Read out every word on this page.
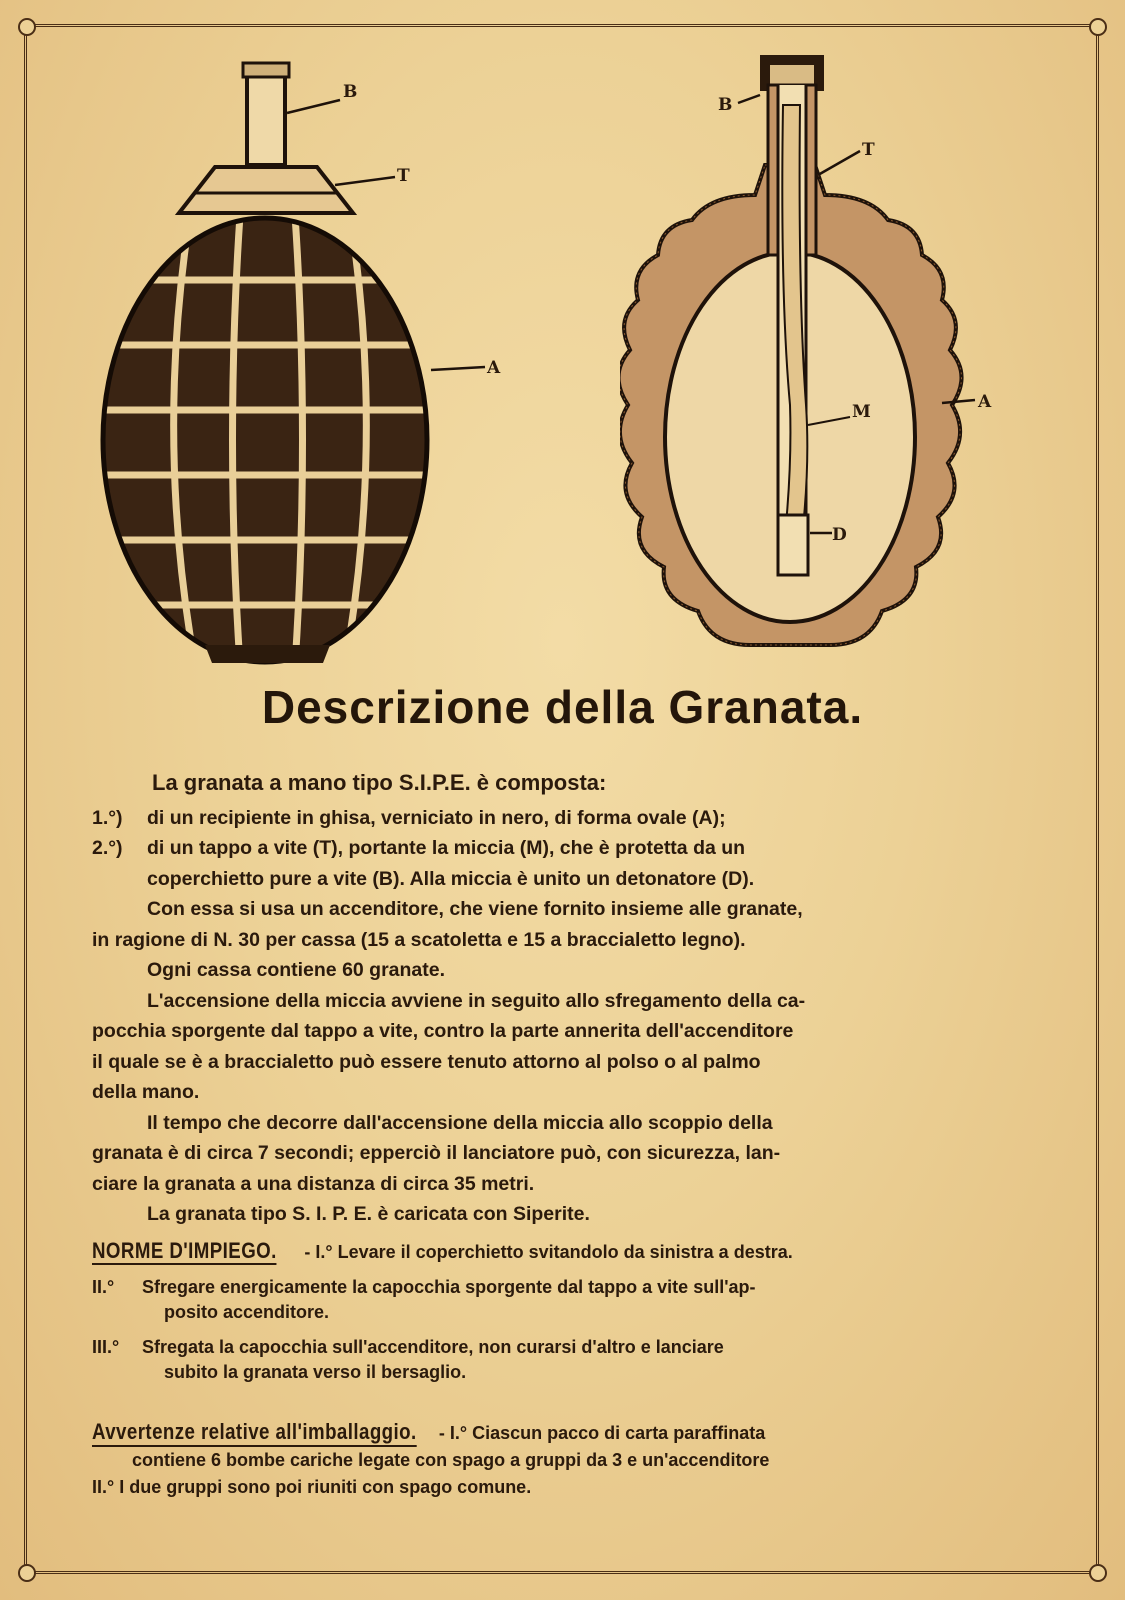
B
T
A
B
T
A
M
D
Descrizione della Granata.
La granata a mano tipo S.I.P.E. è composta:
1.°) di un recipiente in ghisa, verniciato in nero, di forma ovale (A);
2.°) di un tappo a vite (T), portante la miccia (M), che è protetta da un
coperchietto pure a vite (B). Alla miccia è unito un detonatore (D).
Con essa si usa un accenditore, che viene fornito insieme alle granate,
in ragione di N. 30 per cassa (15 a scatoletta e 15 a braccialetto legno).
Ogni cassa contiene 60 granate.
L'accensione della miccia avviene in seguito allo sfregamento della ca-
pocchia sporgente dal tappo a vite, contro la parte annerita dell'accenditore
il quale se è a braccialetto può essere tenuto attorno al polso o al palmo
della mano.
Il tempo che decorre dall'accensione della miccia allo scoppio della
granata è di circa 7 secondi; epperciò il lanciatore può, con sicurezza, lan-
ciare la granata a una distanza di circa 35 metri.
La granata tipo S. I. P. E. è caricata con Siperite.
NORME D'IMPIEGO. - I.° Levare il coperchietto svitandolo da sinistra a destra.
II.° Sfregare energicamente la capocchia sporgente dal tappo a vite sull'ap-
posito accenditore.
III.° Sfregata la capocchia sull'accenditore, non curarsi d'altro e lanciare
subito la granata verso il bersaglio.
Avvertenze relative all'imballaggio. - I.° Ciascun pacco di carta paraffinata
contiene 6 bombe cariche legate con spago a gruppi da 3 e un'accenditore
II.° I due gruppi sono poi riuniti con spago comune.
